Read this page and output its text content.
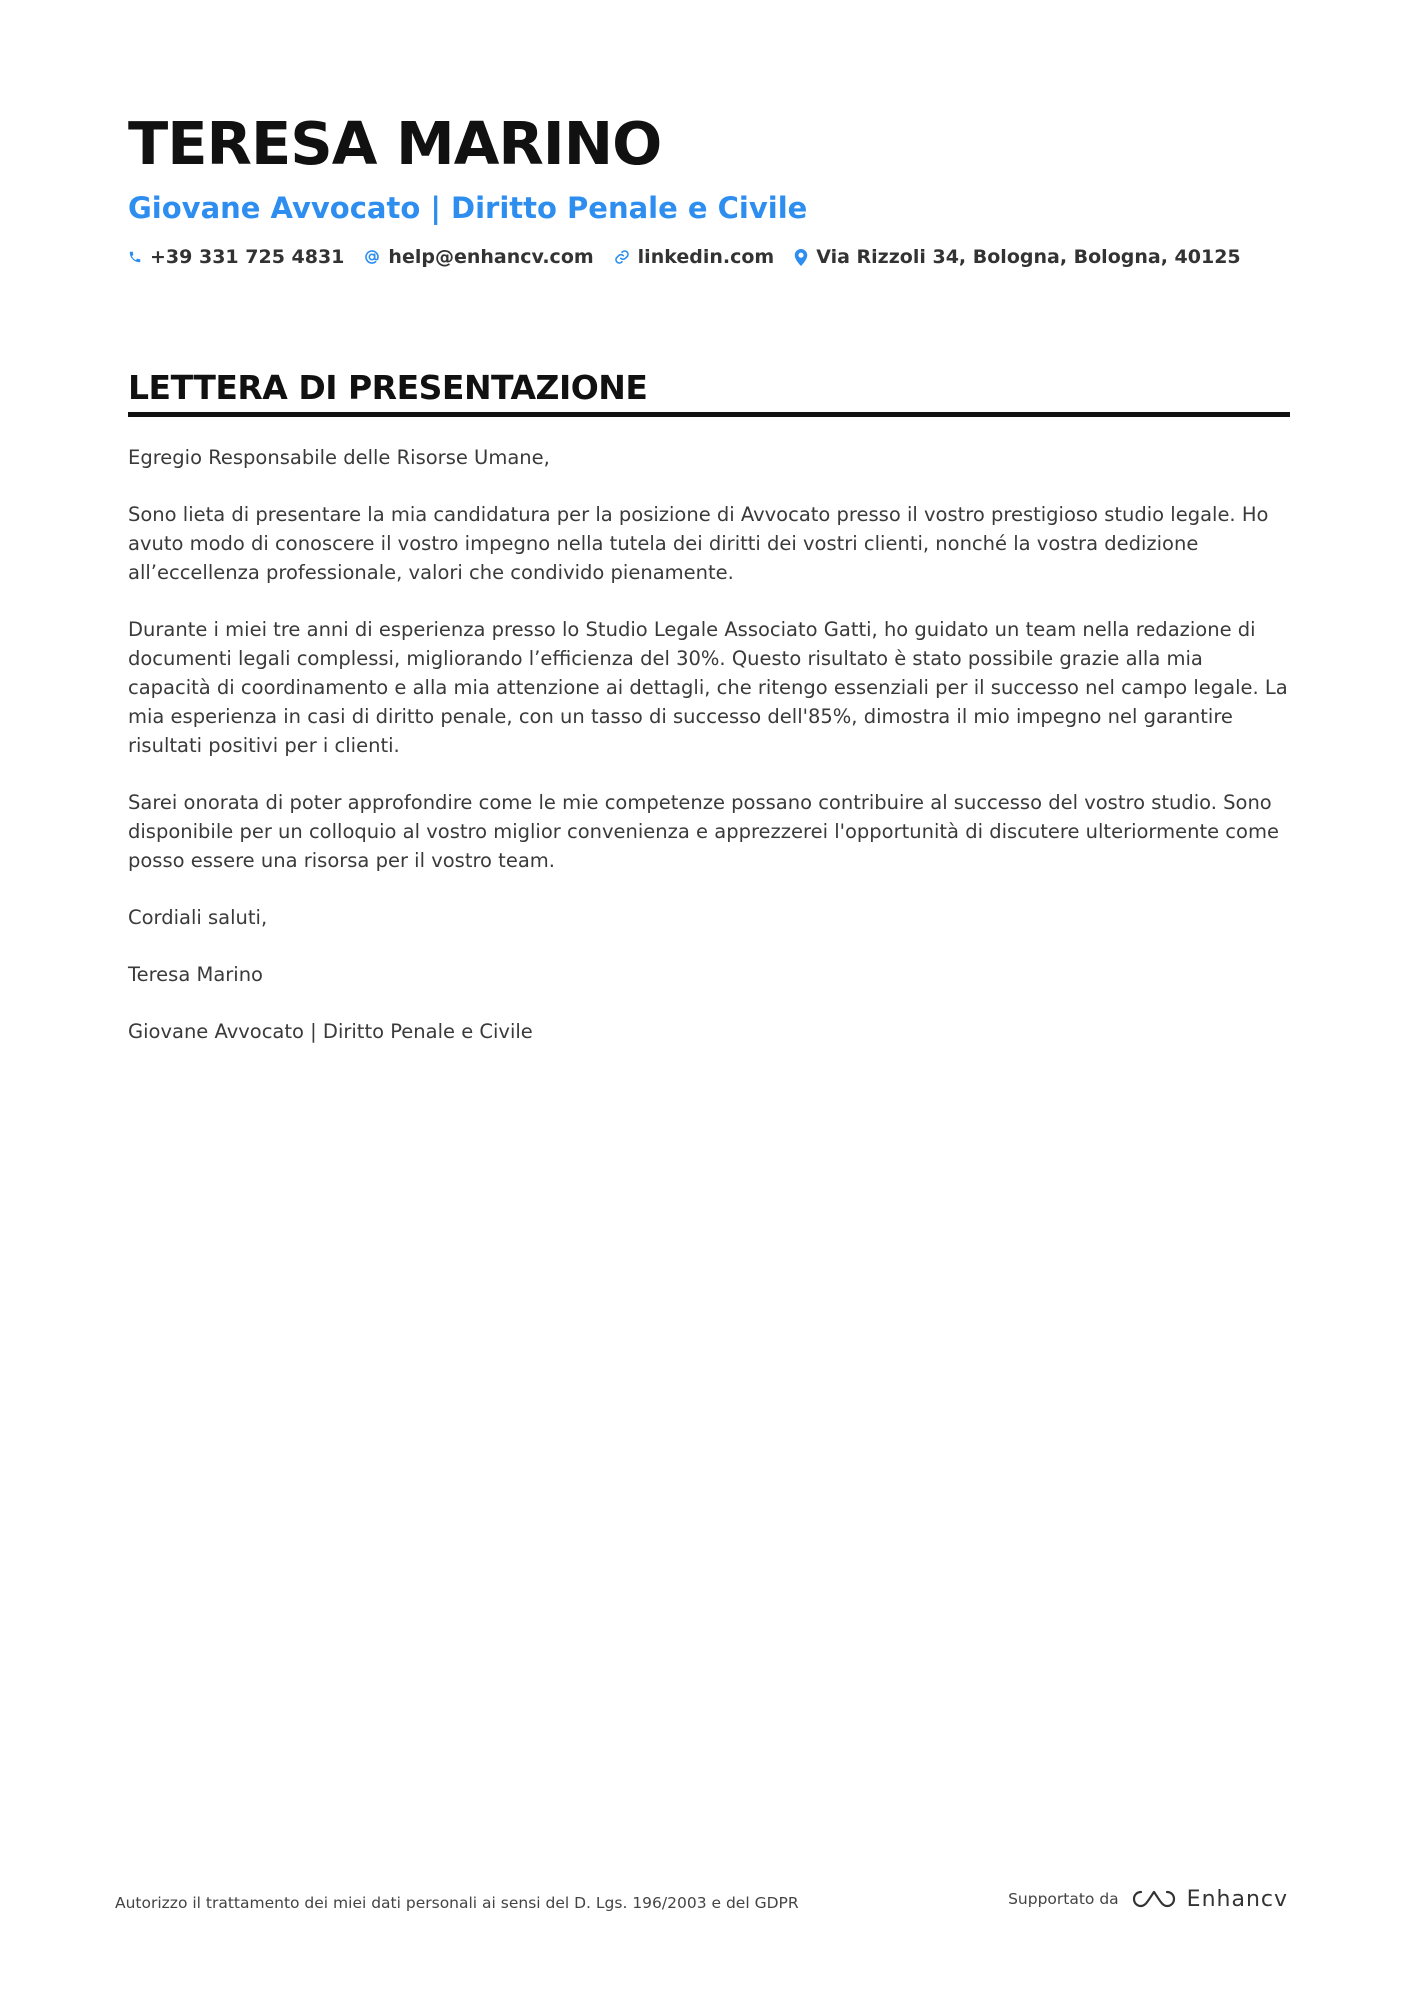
TERESA MARINO
Giovane Avvocato | Diritto Penale e Civile
+39 331 725 4831 help@enhancv.com linkedin.com Via Rizzoli 34, Bologna, Bologna, 40125
LETTERA DI PRESENTAZIONE

Egregio Responsabile delle Risorse Umane,

Sono lieta di presentare la mia candidatura per la posizione di Avvocato presso il vostro prestigioso studio legale. Ho avuto modo di conoscere il vostro impegno nella tutela dei diritti dei vostri clienti, nonché la vostra dedizione all’eccellenza professionale, valori che condivido pienamente.

Durante i miei tre anni di esperienza presso lo Studio Legale Associato Gatti, ho guidato un team nella redazione di documenti legali complessi, migliorando l’efficienza del 30%. Questo risultato è stato possibile grazie alla mia capacità di coordinamento e alla mia attenzione ai dettagli, che ritengo essenziali per il successo nel campo legale. La mia esperienza in casi di diritto penale, con un tasso di successo dell'85%, dimostra il mio impegno nel garantire risultati positivi per i clienti.

Sarei onorata di poter approfondire come le mie competenze possano contribuire al successo del vostro studio. Sono disponibile per un colloquio al vostro miglior convenienza e apprezzerei l'opportunità di discutere ulteriormente come posso essere una risorsa per il vostro team.

Cordiali saluti,

Teresa Marino

Giovane Avvocato | Diritto Penale e Civile

Autorizzo il trattamento dei miei dati personali ai sensi del D. Lgs. 196/2003 e del GDPR	Supportato da	Enhancv
